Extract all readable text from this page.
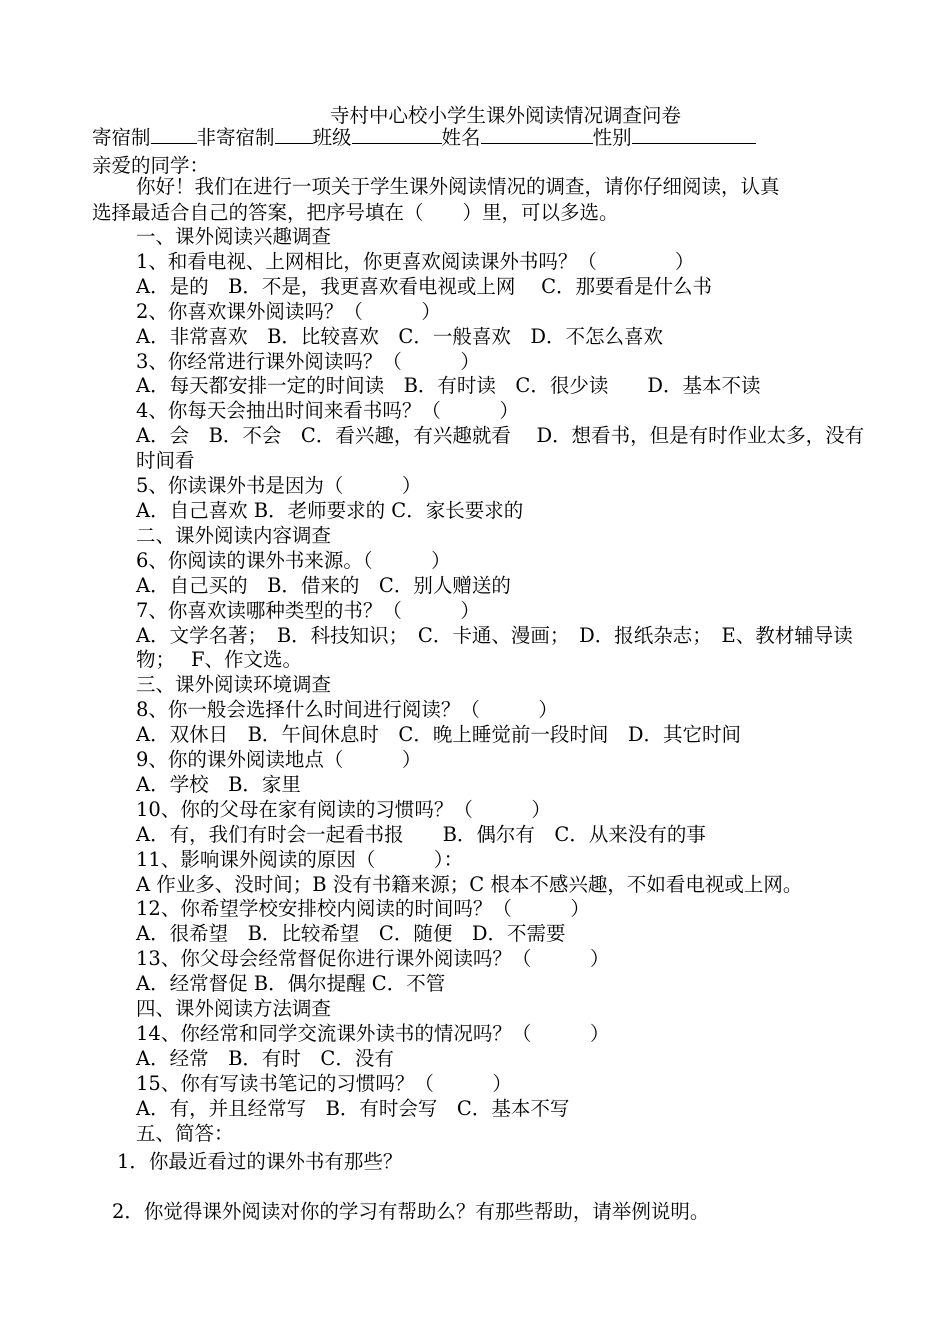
寺村中心校小学生课外阅读情况调查问卷
寄宿制 非寄宿制 班级	姓名	性别
亲爱的同学：
你好！我们在进行一项关于学生课外阅读情况的调查，请你仔细阅读，认真
选择最适合自己的答案，把序号填在（　　）里，可以多选。
一、课外阅读兴趣调查
1、和看电视、上网相比，你更喜欢阅读课外书吗？（　　　　）
A．是的　B．不是，我更喜欢看电视或上网　 C．那要看是什么书
2、你喜欢课外阅读吗？（　　　）
A．非常喜欢　B．比较喜欢　C．一般喜欢　D．不怎么喜欢
3、你经常进行课外阅读吗？（　　　）
A．每天都安排一定的时间读　B．有时读　C．很少读　　D．基本不读
4、你每天会抽出时间来看书吗？（　　　）
A．会　B．不会　C．看兴趣，有兴趣就看　 D．想看书，但是有时作业太多，没有时间看
5、你读课外书是因为（　　　）
A．自己喜欢 B．老师要求的 C．家长要求的
二、课外阅读内容调查
6、你阅读的课外书来源。（　　　）
A．自己买的　B．借来的　C．别人赠送的
7、你喜欢读哪种类型的书？（　　　）
A．文学名著；　B．科技知识；　C．卡通、漫画；　D．报纸杂志；　E、教材辅导读物；　 F、作文选。
三、课外阅读环境调查
8、你一般会选择什么时间进行阅读？（　　　）
A．双休日　B．午间休息时　C．晚上睡觉前一段时间　D．其它时间
9、你的课外阅读地点（　　　）
A．学校　B．家里
10、你的父母在家有阅读的习惯吗？（　　　）
A．有，我们有时会一起看书报　　B．偶尔有　C．从来没有的事
11、影响课外阅读的原因（　　　）：
A 作业多、没时间；B 没有书籍来源；C 根本不感兴趣，不如看电视或上网。
12、你希望学校安排校内阅读的时间吗？（　　　）
A．很希望　B．比较希望　C．随便　D．不需要
13、你父母会经常督促你进行课外阅读吗？（　　　）
A．经常督促 B．偶尔提醒 C．不管
四、课外阅读方法调查
14、你经常和同学交流课外读书的情况吗？（　　　）
A．经常　B．有时　C．没有
15、你有写读书笔记的习惯吗？（　　　）
A．有，并且经常写　B．有时会写　C．基本不写
五、简答：
1．你最近看过的课外书有那些？
2．你觉得课外阅读对你的学习有帮助么？有那些帮助，请举例说明。
